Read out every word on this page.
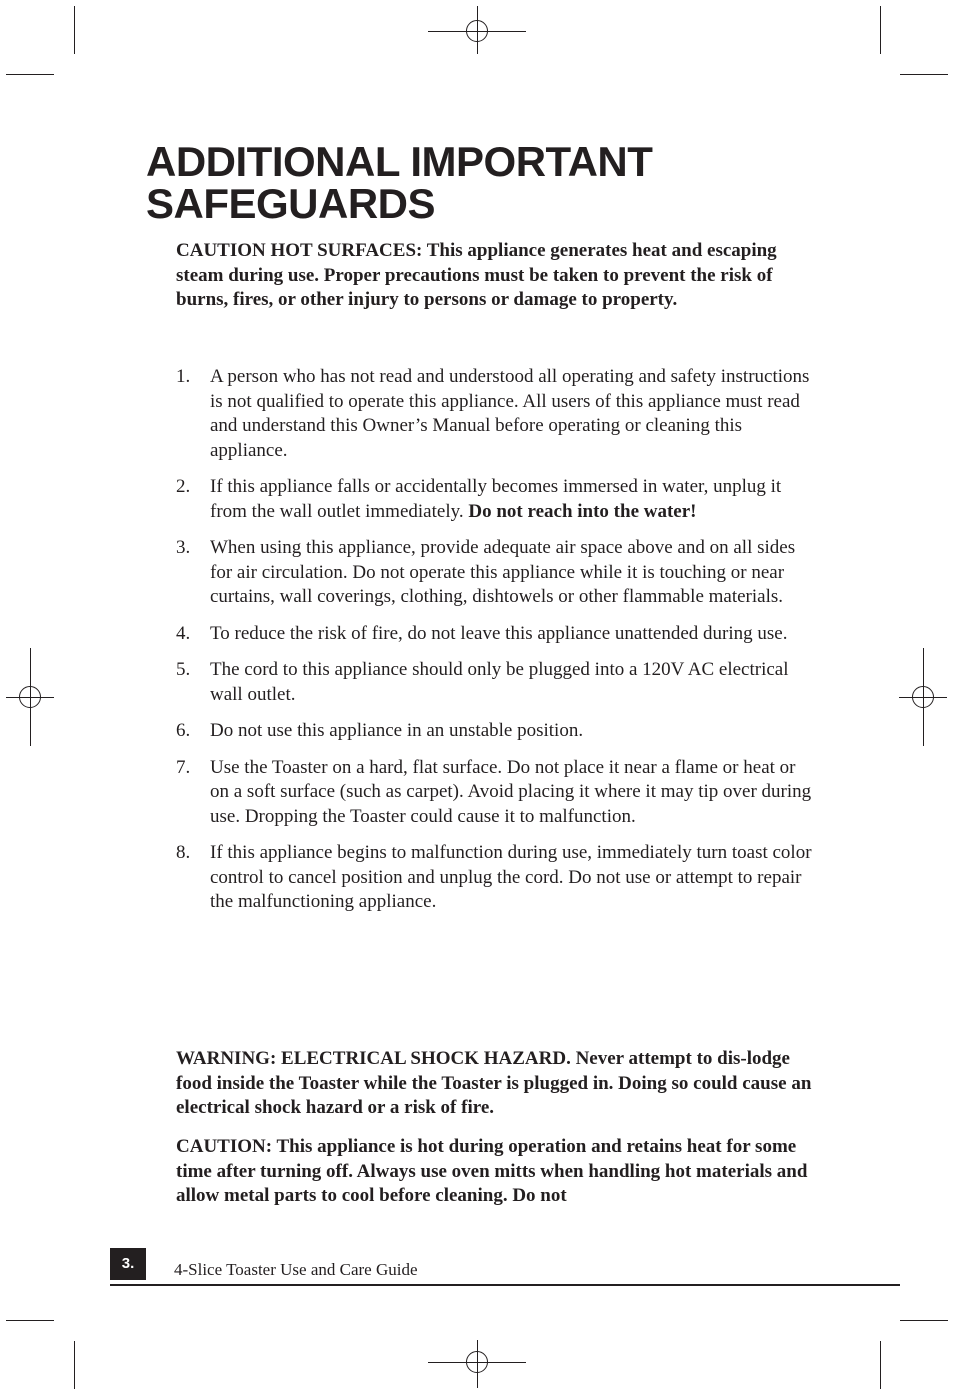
ADDITIONAL IMPORTANT
SAFEGUARDS

CAUTION HOT SURFACES: This appliance generates heat and escaping steam during use. Proper precautions must be taken to prevent the risk of burns, fires, or other injury to persons or damage to property.

1. A person who has not read and understood all operating and safety instructions is not qualified to operate this appliance. All users of this appliance must read and understand this Owner’s Manual before operating or cleaning this appliance.
2. If this appliance falls or accidentally becomes immersed in water, unplug it from the wall outlet immediately. Do not reach into the water!
3. When using this appliance, provide adequate air space above and on all sides for air circulation. Do not operate this appliance while it is touching or near curtains, wall coverings, clothing, dishtowels or other flammable materials.
4. To reduce the risk of fire, do not leave this appliance unattended during use.
5. The cord to this appliance should only be plugged into a 120V AC electrical wall outlet.
6. Do not use this appliance in an unstable position.
7. Use the Toaster on a hard, flat surface. Do not place it near a flame or heat or on a soft surface (such as carpet). Avoid placing it where it may tip over during use. Dropping the Toaster could cause it to malfunction.
8. If this appliance begins to malfunction during use, immediately turn toast color control to cancel position and unplug the cord. Do not use or attempt to repair the malfunctioning appliance.

WARNING: ELECTRICAL SHOCK HAZARD. Never attempt to dis-lodge food inside the Toaster while the Toaster is plugged in. Doing so could cause an electrical shock hazard or a risk of fire.

CAUTION: This appliance is hot during operation and retains heat for some time after turning off. Always use oven mitts when handling hot materials and allow metal parts to cool before cleaning. Do not

3.	4-Slice Toaster Use and Care Guide
